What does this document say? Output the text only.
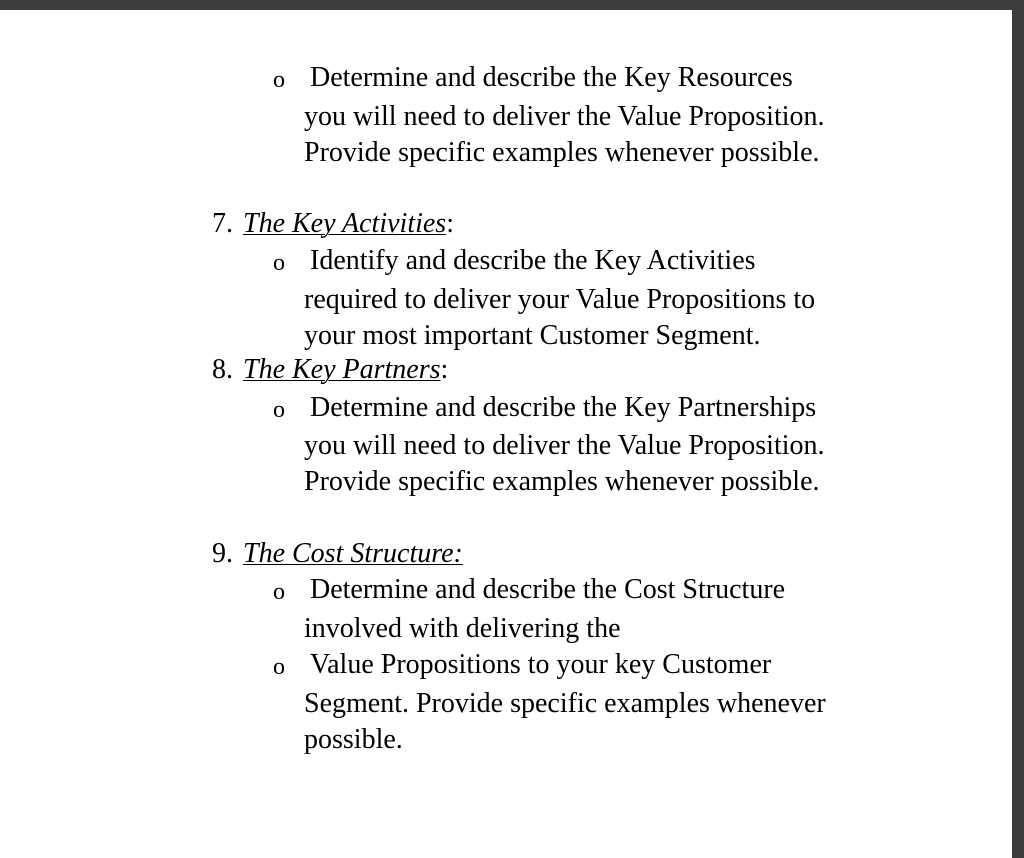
o Determine and describe the Key Resources
you will need to deliver the Value Proposition.
Provide specific examples whenever possible.
7. The Key Activities:
o Identify and describe the Key Activities
required to deliver your Value Propositions to
your most important Customer Segment.
8. The Key Partners:
o Determine and describe the Key Partnerships
you will need to deliver the Value Proposition.
Provide specific examples whenever possible.
9. The Cost Structure:
o Determine and describe the Cost Structure
involved with delivering the
o Value Propositions to your key Customer
Segment. Provide specific examples whenever
possible.
